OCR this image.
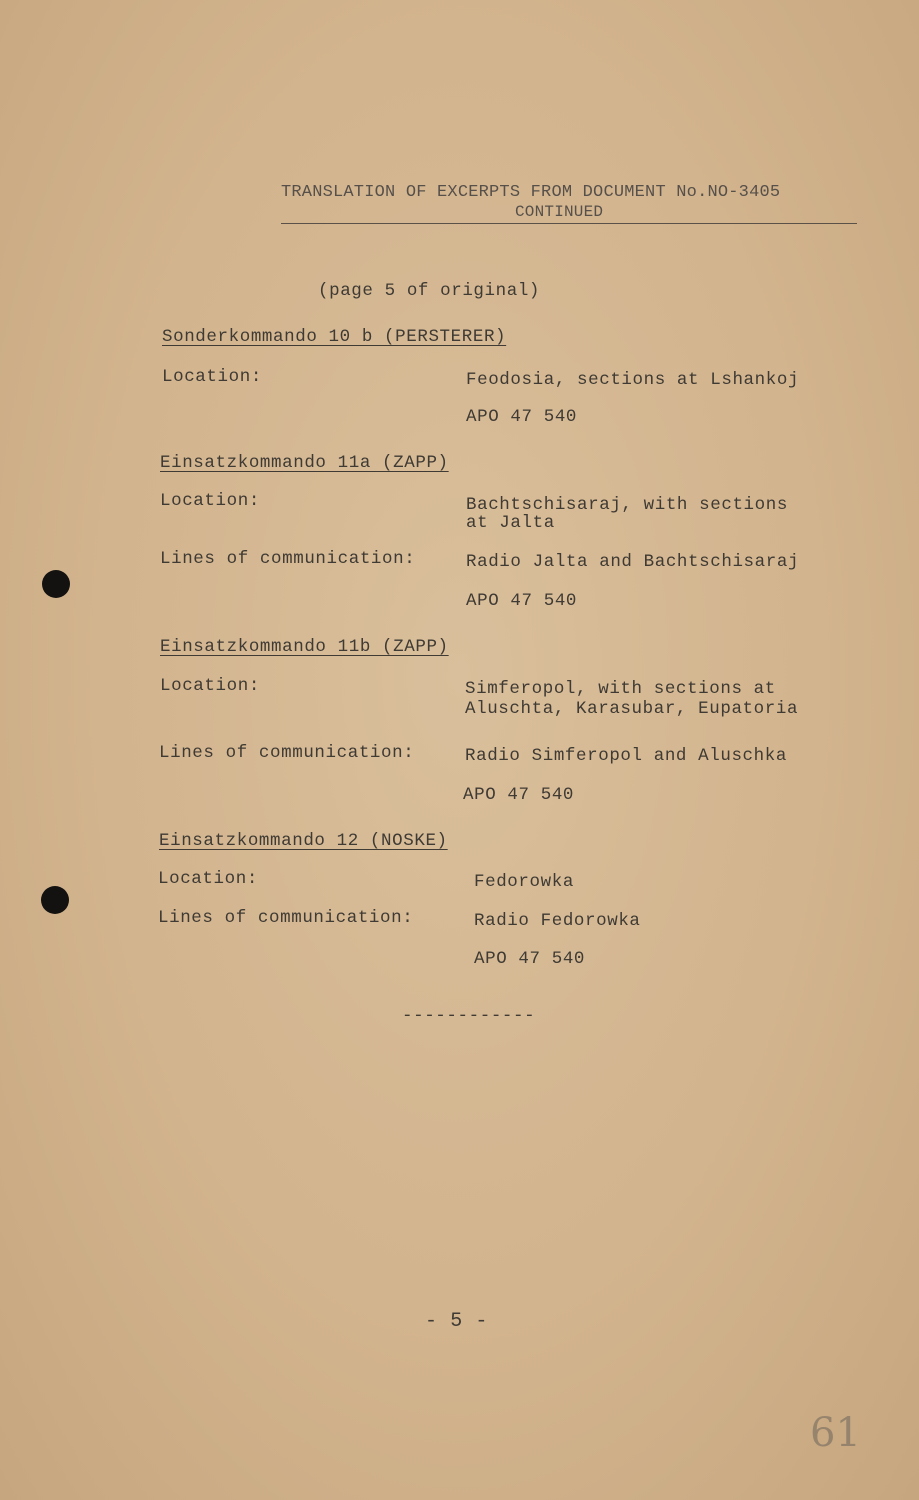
TRANSLATION OF EXCERPTS FROM DOCUMENT No.NO-3405
CONTINUED
(page 5 of original)
Sonderkommando 10 b (PERSTERER)
Location:	Feodosia, sections at Lshankoj
APO 47 540
Einsatzkommando 11a (ZAPP)
Location:	Bachtschisaraj, with sections
at Jalta
Lines of communication:	Radio Jalta and Bachtschisaraj
APO 47 540
Einsatzkommando 11b (ZAPP)
Location:	Simferopol, with sections at
Aluschta, Karasubar, Eupatoria
Lines of communication:	Radio Simferopol and Aluschka
APO 47 540
Einsatzkommando 12 (NOSKE)
Location:	Fedorowka
Lines of communication:	Radio Fedorowka
APO 47 540
------------
- 5 -
61
